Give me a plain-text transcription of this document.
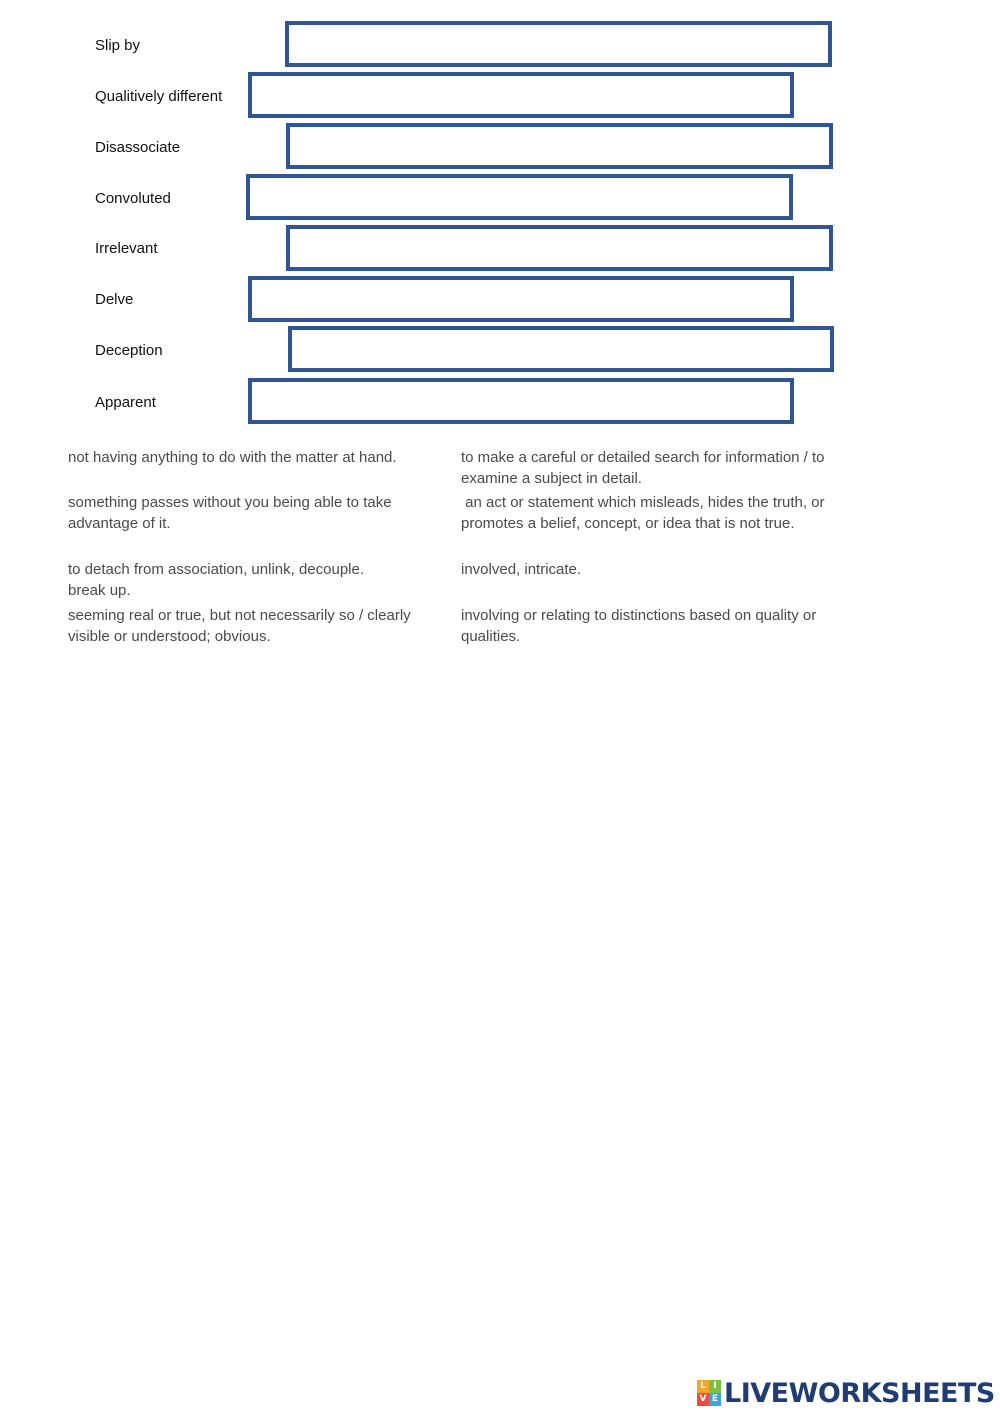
Slip by
Qualitively different
Disassociate
Convoluted
Irrelevant
Delve
Deception
Apparent
not having anything to do with the matter at hand.
something passes without you being able to take advantage of it.
to detach from association, unlink, decouple. break up.
seeming real or true, but not necessarily so / clearly visible or understood; obvious.
to make a careful or detailed search for information / to examine a subject in detail.
an act or statement which misleads, hides the truth, or promotes a belief, concept, or idea that is not true.
involved, intricate.
involving or relating to distinctions based on quality or qualities.
L I
V E LIVEWORKSHEETS
